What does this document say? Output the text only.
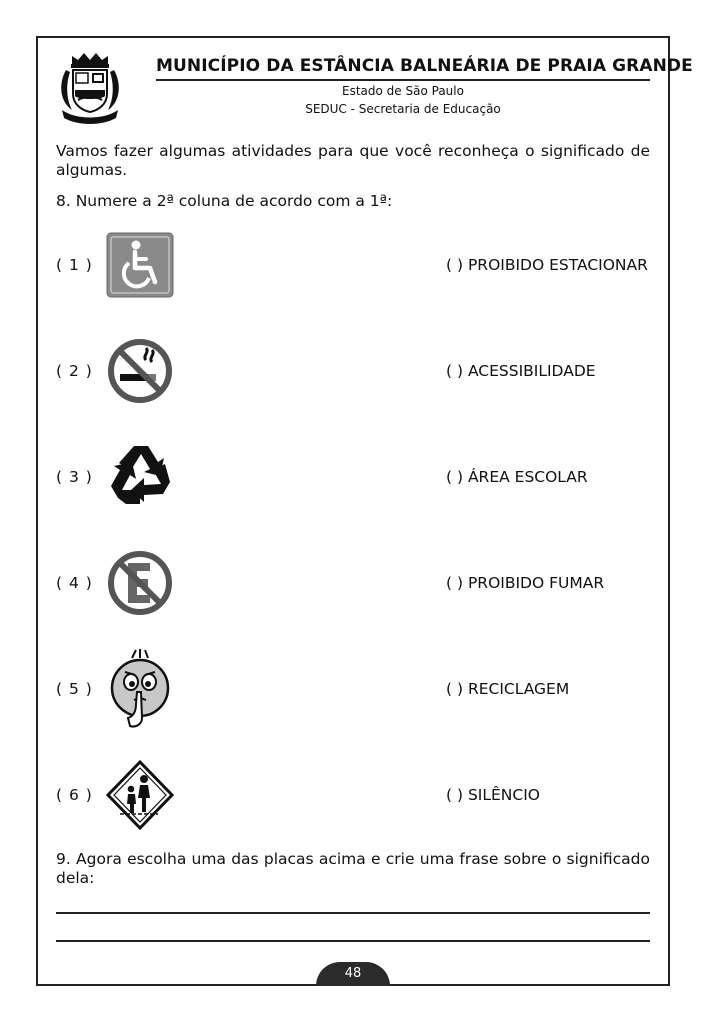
MUNICÍPIO DA ESTÂNCIA BALNEÁRIA DE PRAIA GRANDE
Estado de São Paulo
SEDUC - Secretaria de Educação
Vamos fazer algumas atividades para que você reconheça o significado de algumas.
8. Numere a 2ª coluna de acordo com a 1ª:
( 1 )	( ) PROIBIDO ESTACIONAR
( 2 )	( ) ACESSIBILIDADE
( 3 )	( ) ÁREA ESCOLAR
( 4 )	( ) PROIBIDO FUMAR
( 5 )	( ) RECICLAGEM
( 6 )	( ) SILÊNCIO
9. Agora escolha uma das placas acima e crie uma frase sobre o significado dela:
48
